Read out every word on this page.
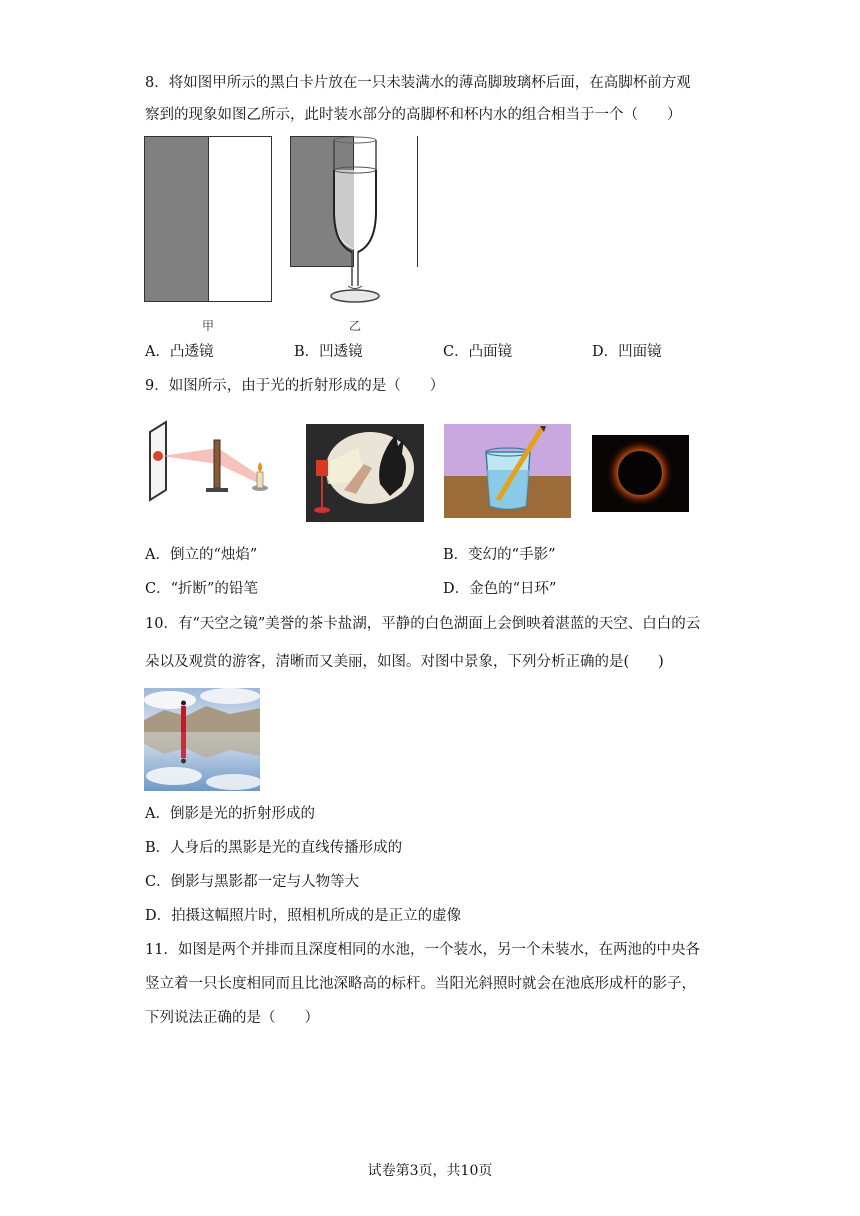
8．将如图甲所示的黑白卡片放在一只未装满水的薄高脚玻璃杯后面，在高脚杯前方观
察到的现象如图乙所示，此时装水部分的高脚杯和杯内水的组合相当于一个（　　）
甲	乙
A．凸透镜	B．凹透镜	C．凸面镜	D．凹面镜
9．如图所示，由于光的折射形成的是（　　）
A．倒立的“烛焰”	B．变幻的“手影”
C．“折断”的铅笔	D．金色的“日环”
10．有“天空之镜”美誉的茶卡盐湖，平静的白色湖面上会倒映着湛蓝的天空、白白的云
朵以及观赏的游客，清晰而又美丽，如图。对图中景象，下列分析正确的是(　　)
A．倒影是光的折射形成的
B．人身后的黑影是光的直线传播形成的
C．倒影与黑影都一定与人物等大
D．拍摄这幅照片时，照相机所成的是正立的虚像
11．如图是两个并排而且深度相同的水池，一个装水，另一个未装水，在两池的中央各
竖立着一只长度相同而且比池深略高的标杆。当阳光斜照时就会在池底形成杆的影子，
下列说法正确的是（　　）
试卷第3页，共10页
